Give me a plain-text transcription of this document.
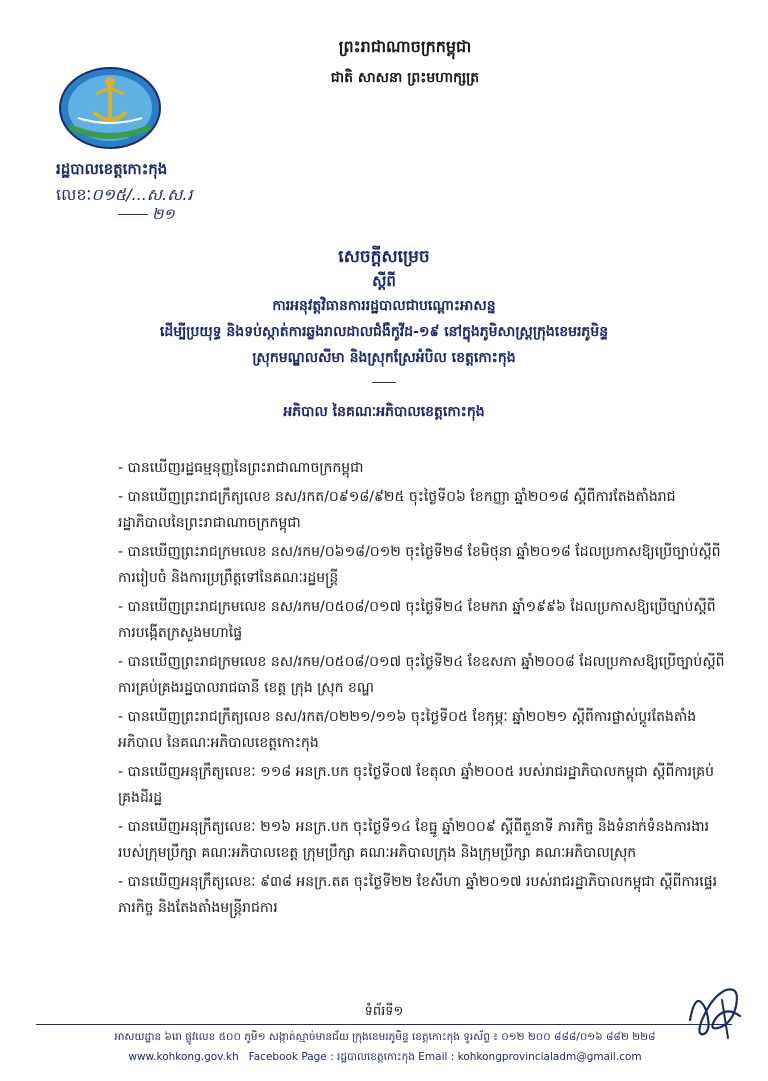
ព្រះរាជាណាចក្រកម្ពុជា
ជាតិ សាសនា ព្រះមហាក្សត្រ
រដ្ឋបាលខេត្តកោះកុង
លេខៈ០១៥/...ស.ស.រ
២១
សេចក្តីសម្រេច
ស្តីពី
ការអនុវត្តវិធានការរដ្ឋបាលជាបណ្តោះអាសន្ន
ដើម្បីប្រយុទ្ធ និងទប់ស្កាត់ការឆ្លងរាលដាលជំងឺកូវីដ-១៩ នៅក្នុងភូមិសាស្ត្រក្រុងខេមរភូមិន្ទ
ស្រុកមណ្ឌលសីមា និងស្រុកស្រែអំបិល ខេត្តកោះកុង
អភិបាល នៃគណៈអភិបាលខេត្តកោះកុង
- បានឃើញរដ្ឋធម្មនុញ្ញនៃព្រះរាជាណាចក្រកម្ពុជា
- បានឃើញព្រះរាជក្រឹត្យលេខ នស/រកត/០៩១៨/៩២៥ ចុះថ្ងៃទី០៦ ខែកញ្ញា ឆ្នាំ២០១៨ ស្តីពីការតែងតាំងរាជរដ្ឋាភិបាលនៃព្រះរាជាណាចក្រកម្ពុជា
- បានឃើញព្រះរាជក្រមលេខ នស/រកម/០៦១៨/០១២ ចុះថ្ងៃទី២៨ ខែមិថុនា ឆ្នាំ២០១៨ ដែលប្រកាសឱ្យប្រើច្បាប់ស្តីពីការរៀបចំ និងការប្រព្រឹត្តទៅនៃគណៈរដ្ឋមន្ត្រី
- បានឃើញព្រះរាជក្រមលេខ នស/រកម/០៥០៨/០១៧ ចុះថ្ងៃទី២៤ ខែមករា ឆ្នាំ១៩៩៦ ដែលប្រកាសឱ្យប្រើច្បាប់ស្តីពីការបង្កើតក្រសួងមហាផ្ទៃ
- បានឃើញព្រះរាជក្រមលេខ នស/រកម/០៥០៨/០១៧ ចុះថ្ងៃទី២៤ ខែឧសភា ឆ្នាំ២០០៨ ដែលប្រកាសឱ្យប្រើច្បាប់ស្តីពីការគ្រប់គ្រងរដ្ឋបាលរាជធានី ខេត្ត ក្រុង ស្រុក ខណ្ឌ
- បានឃើញព្រះរាជក្រឹត្យលេខ នស/រកត/០២២១/១១៦ ចុះថ្ងៃទី០៥ ខែកុម្ភៈ ឆ្នាំ២០២១ ស្តីពីការផ្លាស់ប្តូរតែងតាំងអភិបាល នៃគណៈអភិបាលខេត្តកោះកុង
- បានឃើញអនុក្រឹត្យលេខៈ ១១៨ អនក្រ.បក ចុះថ្ងៃទី០៧ ខែតុលា ឆ្នាំ២០០៥ របស់រាជរដ្ឋាភិបាលកម្ពុជា ស្តីពីការគ្រប់គ្រងដីរដ្ឋ
- បានឃើញអនុក្រឹត្យលេខៈ ២១៦ អនក្រ.បក ចុះថ្ងៃទី១៤ ខែធ្នូ ឆ្នាំ២០០៩ ស្តីពីតួនាទី ភារកិច្ច និងទំនាក់ទំនងការងាររបស់ក្រុមប្រឹក្សា គណៈអភិបាលខេត្ត ក្រុមប្រឹក្សា គណៈអភិបាលក្រុង និងក្រុមប្រឹក្សា គណៈអភិបាលស្រុក
- បានឃើញអនុក្រឹត្យលេខៈ ៩៣៨ អនក្រ.តត ចុះថ្ងៃទី២២ ខែសីហា ឆ្នាំ២០១៧ របស់រាជរដ្ឋាភិបាលកម្ពុជា ស្តីពីការផ្ទេរភារកិច្ច និងតែងតាំងមន្ត្រីរាជការ
ទំព័រទី១
អាសយដ្ឋាន ៦រោ ផ្លូវលេខ ៥០០ ភូមិ១ សង្កាត់ស្មាច់មានជ័យ ក្រុងខេមរភូមិន្ទ ខេត្តកោះកុង ទូរស័ព្ទ ៖ ០១២ ២០០ ៨៨៨/០១៦ ៨៨២ ២២៨
www.kohkong.gov.kh Facebook Page : រដ្ឋបាលខេត្តកោះកុង Email : kohkongprovincialadm@gmail.com
